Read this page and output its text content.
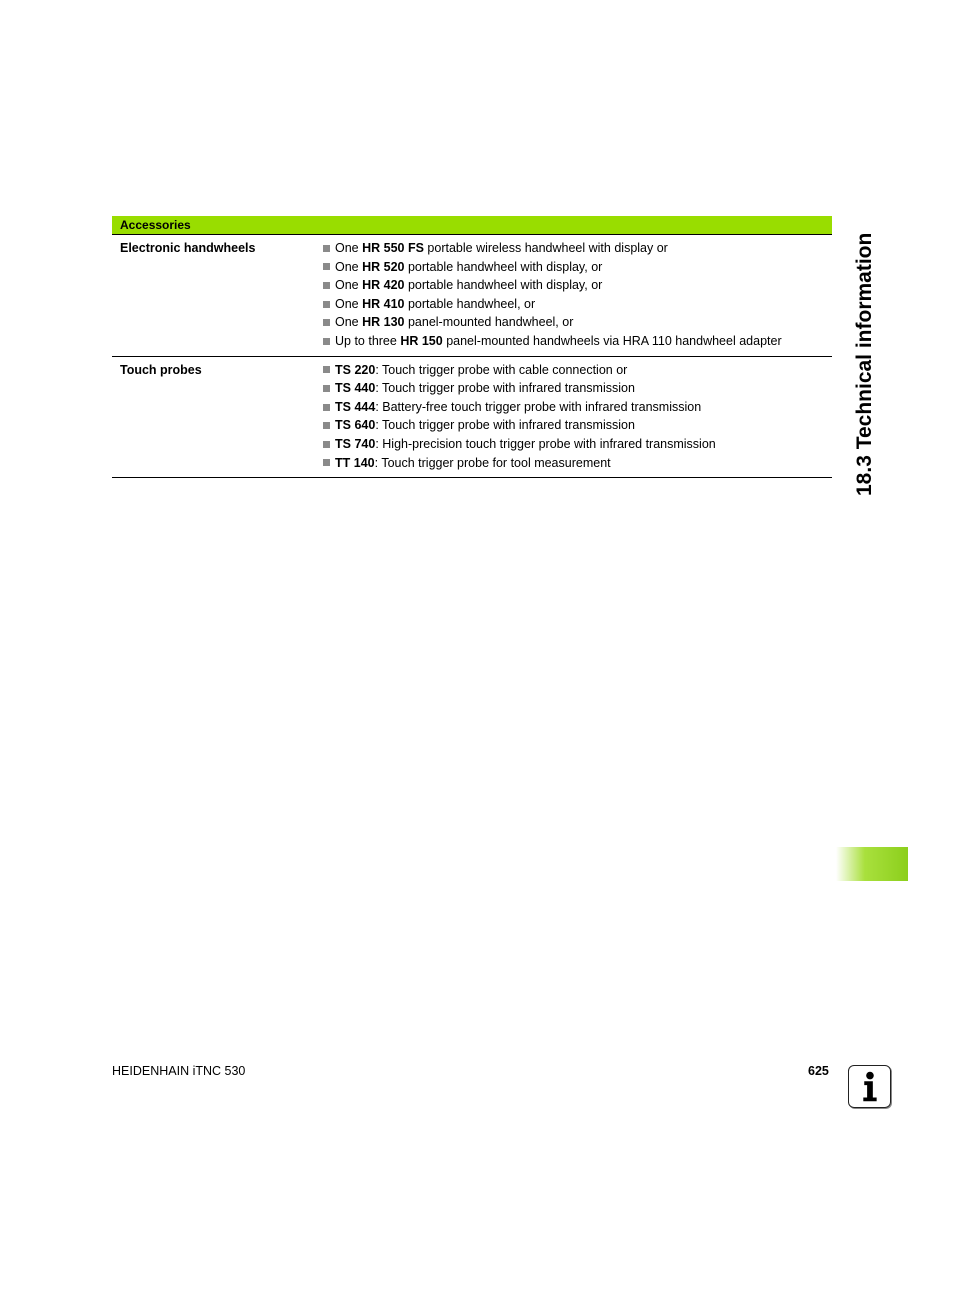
Accessories
Electronic handwheels	One HR 550 FS portable wireless handwheel with display or
One HR 520 portable handwheel with display, or
One HR 420 portable handwheel with display, or
One HR 410 portable handwheel, or
One HR 130 panel-mounted handwheel, or
Up to three HR 150 panel-mounted handwheels via HRA 110 handwheel adapter
Touch probes	TS 220 : Touch trigger probe with cable connection or
TS 440 : Touch trigger probe with infrared transmission
TS 444 : Battery-free touch trigger probe with infrared transmission
TS 640 : Touch trigger probe with infrared transmission
TS 740 : High-precision touch trigger probe with infrared transmission
TT 140 : Touch trigger probe for tool measurement	18.3 Technical information
HEIDENHAIN iTNC 530	625
